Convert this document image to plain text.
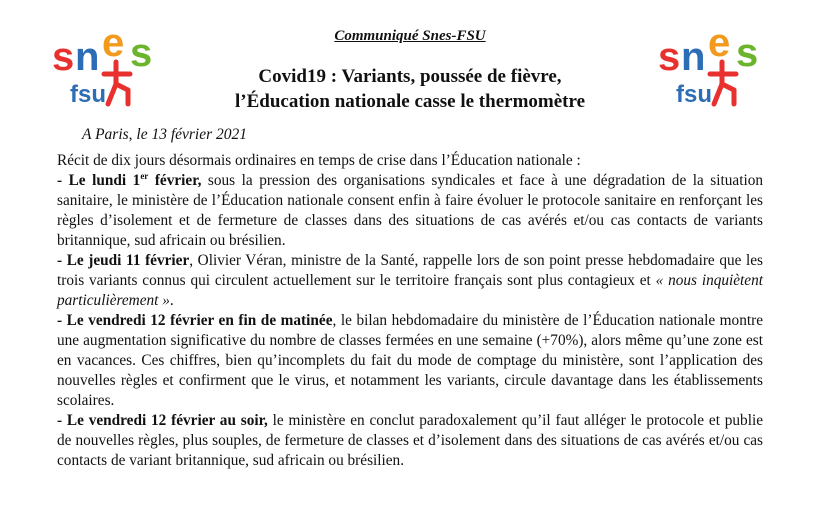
s n e s
fsu
s n e s
fsu
Communiqué Snes-FSU
Covid19 : Variants, poussée de fièvre,
l’Éducation nationale casse le thermomètre
A Paris, le 13 février 2021

Récit de dix jours désormais ordinaires en temps de crise dans l’Éducation nationale :

- Le lundi 1er février, sous la pression des organisations syndicales et face à une dégradation de la situation sanitaire, le ministère de l’Éducation nationale consent enfin à faire évoluer le protocole sanitaire en renforçant les règles d’isolement et de fermeture de classes dans des situations de cas avérés et/ou cas contacts de variants britannique, sud africain ou brésilien.

- Le jeudi 11 février, Olivier Véran, ministre de la Santé, rappelle lors de son point presse hebdomadaire que les trois variants connus qui circulent actuellement sur le territoire français sont plus contagieux et « nous inquiètent particulièrement ».

- Le vendredi 12 février en fin de matinée, le bilan hebdomadaire du ministère de l’Éducation nationale montre une augmentation significative du nombre de classes fermées en une semaine (+70%), alors même qu’une zone est en vacances. Ces chiffres, bien qu’incomplets du fait du mode de comptage du ministère, sont l’application des nouvelles règles et confirment que le virus, et notamment les variants, circule davantage dans les établissements scolaires.

- Le vendredi 12 février au soir, le ministère en conclut paradoxalement qu’il faut alléger le protocole et publie de nouvelles règles, plus souples, de fermeture de classes et d’isolement dans des situations de cas avérés et/ou cas contacts de variant britannique, sud africain ou brésilien.
